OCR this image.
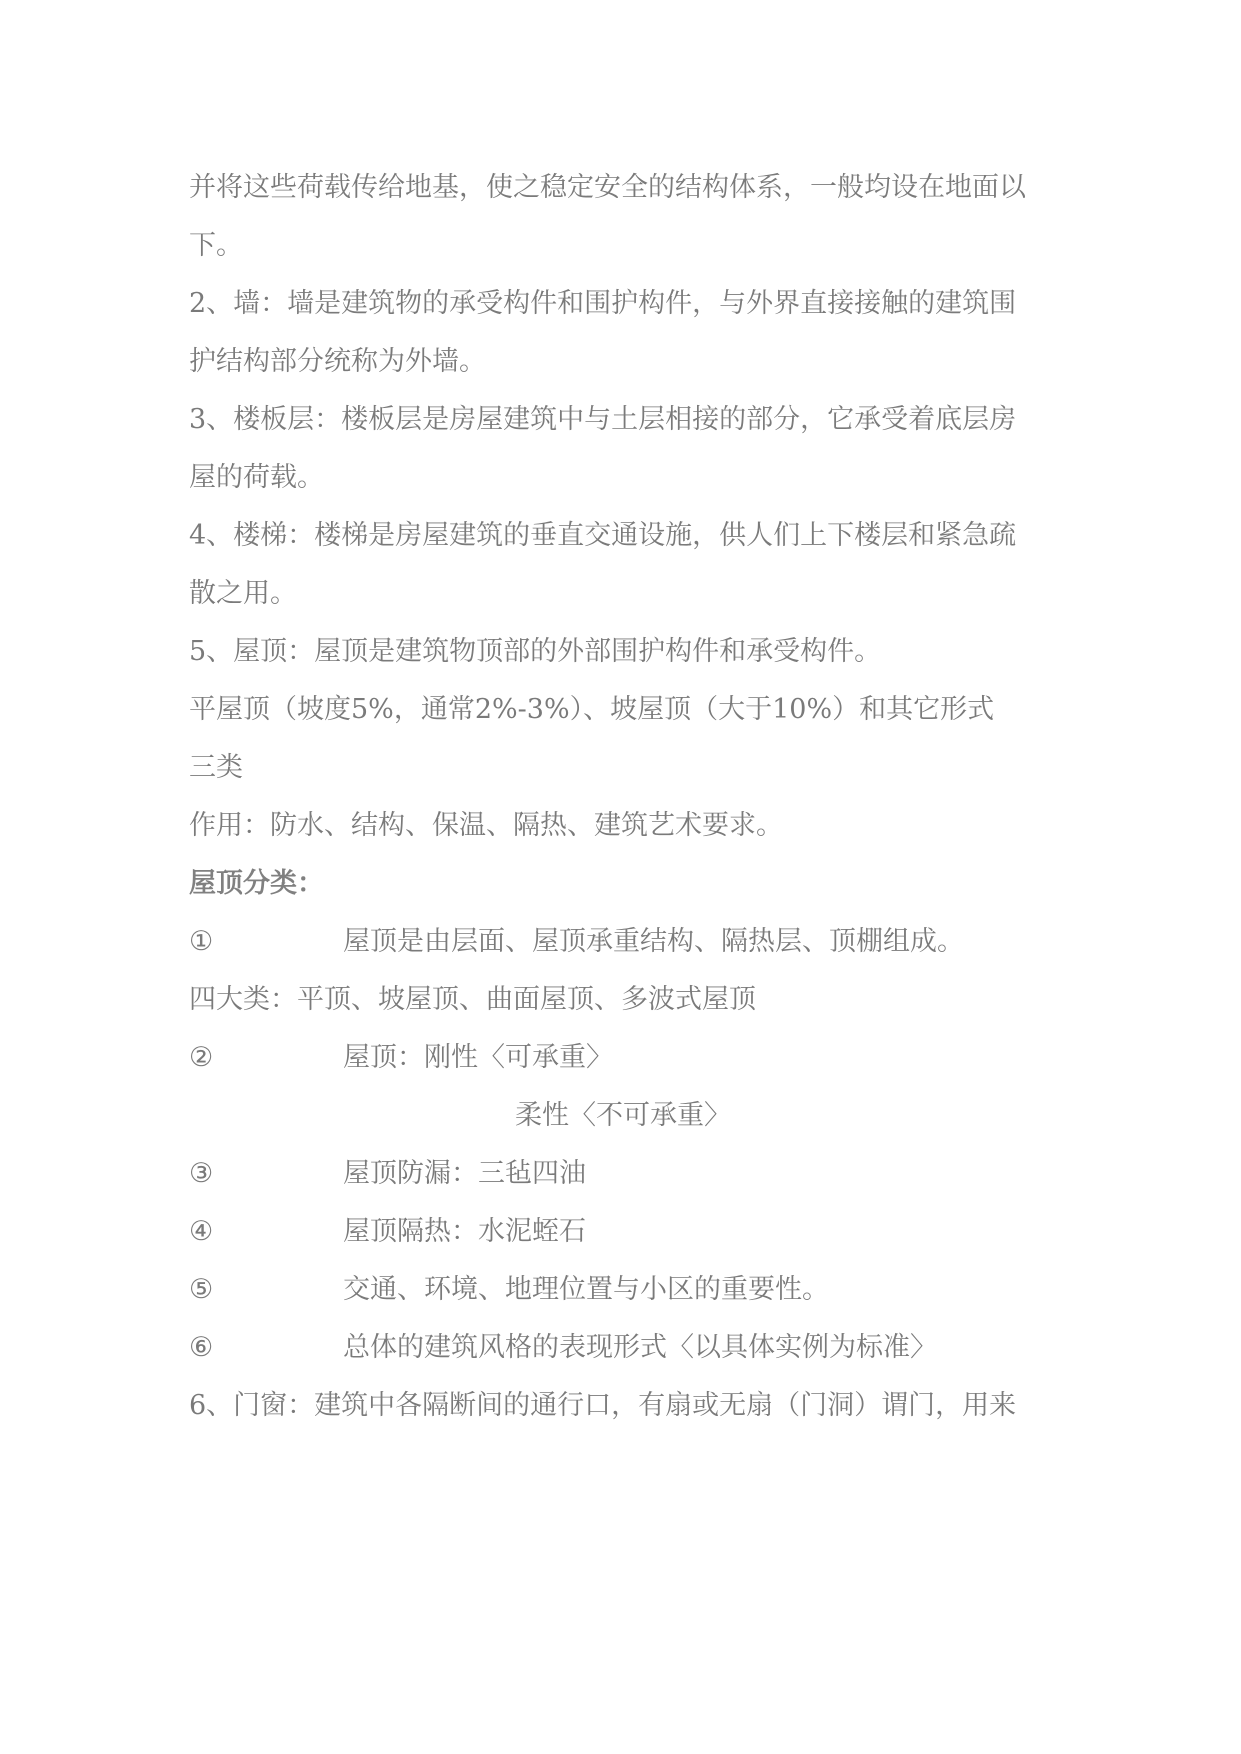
并将这些荷载传给地基，使之稳定安全的结构体系，一般均设在地面以
下。
2、墙：墙是建筑物的承受构件和围护构件，与外界直接接触的建筑围
护结构部分统称为外墙。
3、楼板层：楼板层是房屋建筑中与土层相接的部分，它承受着底层房
屋的荷载。
4、楼梯：楼梯是房屋建筑的垂直交通设施，供人们上下楼层和紧急疏
散之用。
5、屋顶：屋顶是建筑物顶部的外部围护构件和承受构件。
平屋顶（坡度5%，通常2%-3%）、坡屋顶（大于10%）和其它形式
三类
作用：防水、结构、保温、隔热、建筑艺术要求。
屋顶分类：
①	屋顶是由层面、屋顶承重结构、隔热层、顶棚组成。
四大类：平顶、坡屋顶、曲面屋顶、多波式屋顶
②	屋顶：刚性〈可承重〉
柔性〈不可承重〉
③	屋顶防漏：三毡四油
④	屋顶隔热：水泥蛭石
⑤	交通、环境、地理位置与小区的重要性。
⑥	总体的建筑风格的表现形式〈以具体实例为标准〉
6、门窗：建筑中各隔断间的通行口，有扇或无扇（门洞）谓门，用来
